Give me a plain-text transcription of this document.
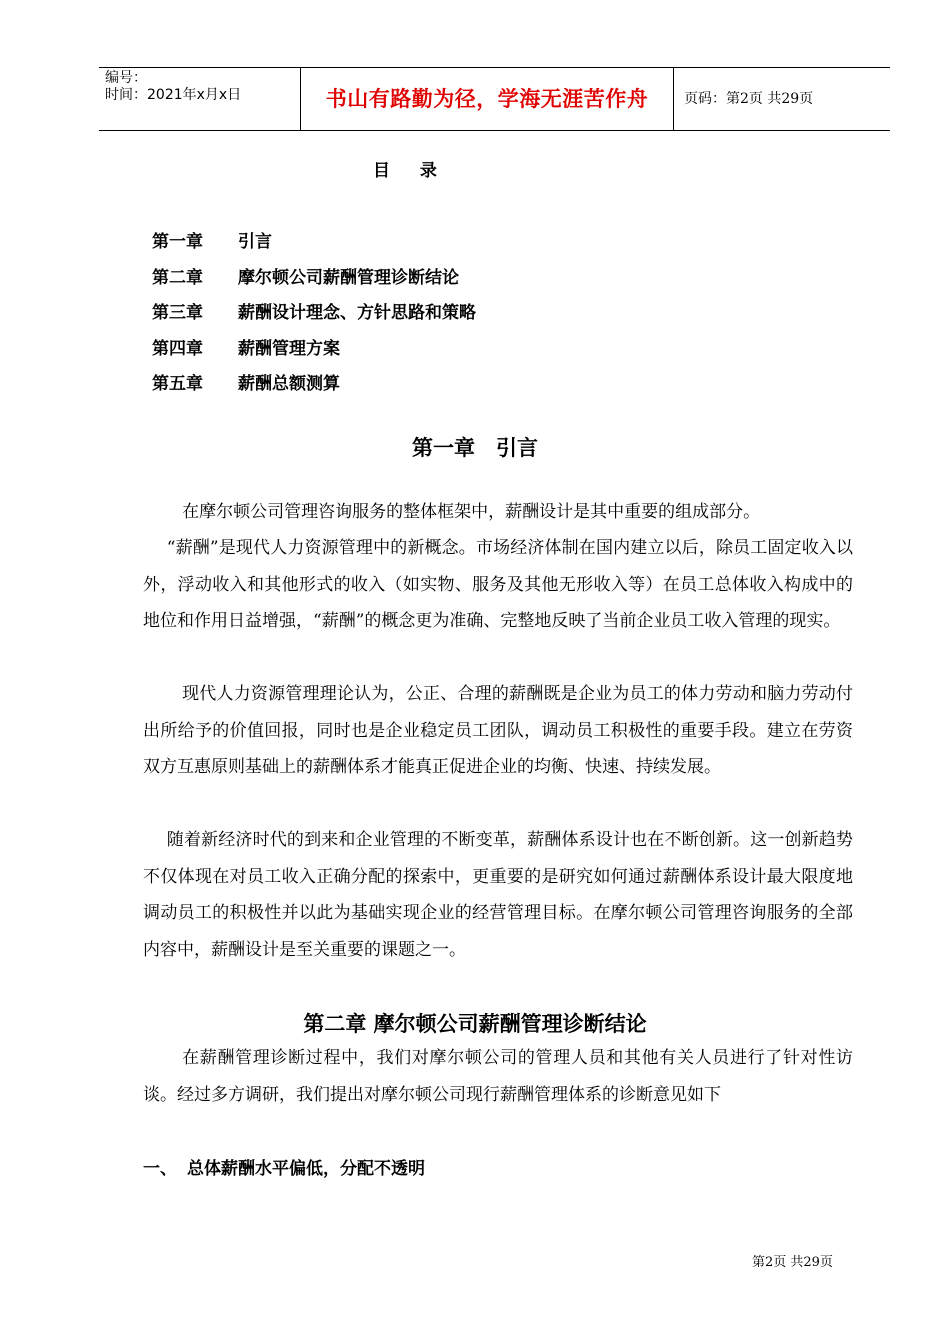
编号：
时间：2021年x月x日	书山有路勤为径，学海无涯苦作舟	页码：第2页 共29页
目 录
第一章 引言
第二章 摩尔顿公司薪酬管理诊断结论
第三章 薪酬设计理念、方针思路和策略
第四章 薪酬管理方案
第五章 薪酬总额测算
第一章　引言
在摩尔顿公司管理咨询服务的整体框架中，薪酬设计是其中重要的组成部分。
“薪酬”是现代人力资源管理中的新概念。市场经济体制在国内建立以后，除员工固定收入以外，浮动收入和其他形式的收入（如实物、服务及其他无形收入等）在员工总体收入构成中的地位和作用日益增强，“薪酬”的概念更为准确、完整地反映了当前企业员工收入管理的现实。
现代人力资源管理理论认为，公正、合理的薪酬既是企业为员工的体力劳动和脑力劳动付出所给予的价值回报，同时也是企业稳定员工团队，调动员工积极性的重要手段。建立在劳资双方互惠原则基础上的薪酬体系才能真正促进企业的均衡、快速、持续发展。
随着新经济时代的到来和企业管理的不断变革，薪酬体系设计也在不断创新。这一创新趋势不仅体现在对员工收入正确分配的探索中，更重要的是研究如何通过薪酬体系设计最大限度地调动员工的积极性并以此为基础实现企业的经营管理目标。在摩尔顿公司管理咨询服务的全部内容中，薪酬设计是至关重要的课题之一。
第二章 摩尔顿公司薪酬管理诊断结论
在薪酬管理诊断过程中，我们对摩尔顿公司的管理人员和其他有关人员进行了针对性访谈。经过多方调研，我们提出对摩尔顿公司现行薪酬管理体系的诊断意见如下
一、 总体薪酬水平偏低，分配不透明
第2页 共29页
